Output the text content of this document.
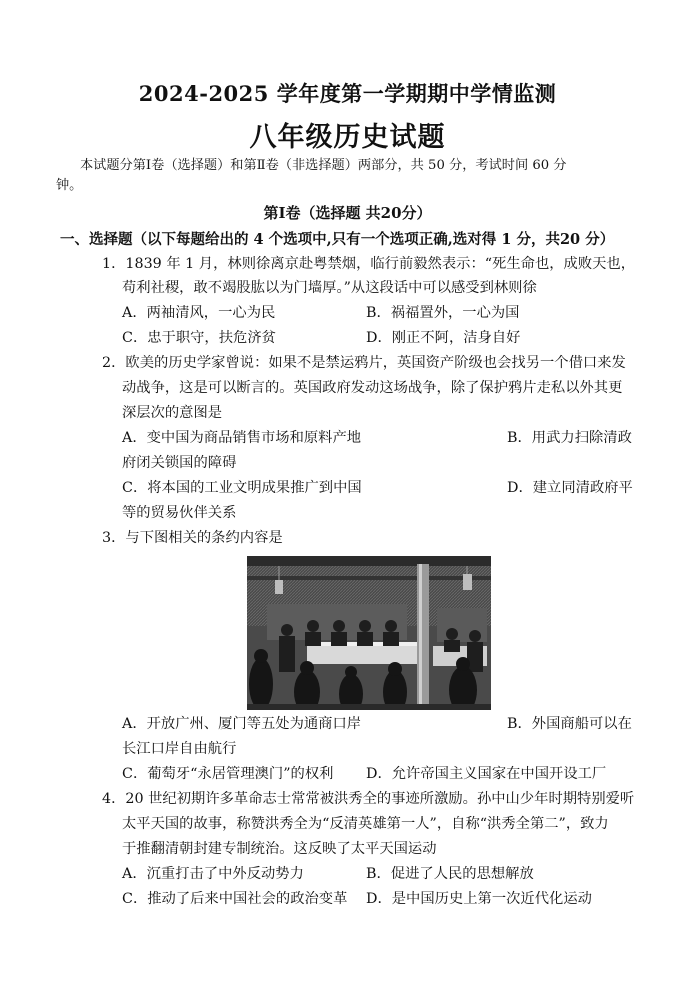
2024-2025 学年度第一学期期中学情监测
八年级历史试题
本试题分第Ⅰ卷（选择题）和第Ⅱ卷（非选择题）两部分，共 50 分，考试时间 60 分
钟。
第Ⅰ卷（选择题 共20分）
一、选择题（以下每题给出的 4 个选项中,只有一个选项正确,选对得 1 分，共20 分）
1．1839 年 1 月，林则徐离京赴粤禁烟，临行前毅然表示：“死生命也，成败天也，
苟利社稷，敢不竭股肱以为门墙厚。”从这段话中可以感受到林则徐
A．两袖清风，一心为民	B．祸福置外，一心为国
C．忠于职守，扶危济贫	D．刚正不阿，洁身自好
2．欧美的历史学家曾说：如果不是禁运鸦片，英国资产阶级也会找另一个借口来发
动战争，这是可以断言的。英国政府发动这场战争，除了保护鸦片走私以外其更
深层次的意图是
A．变中国为商品销售市场和原料产地	B．用武力扫除清政
府闭关锁国的障碍
C．将本国的工业文明成果推广到中国	D．建立同清政府平
等的贸易伙伴关系
3．与下图相关的条约内容是
A．开放广州、厦门等五处为通商口岸	B．外国商船可以在
长江口岸自由航行
C．葡萄牙“永居管理澳门”的权利 D．允许帝国主义国家在中国开设工厂
4．20 世纪初期许多革命志士常常被洪秀全的事迹所激励。孙中山少年时期特别爱听
太平天国的故事，称赞洪秀全为“反清英雄第一人”，自称“洪秀全第二”，致力
于推翻清朝封建专制统治。这反映了太平天国运动
A．沉重打击了中外反动势力	B．促进了人民的思想解放
C．推动了后来中国社会的政治变革 D．是中国历史上第一次近代化运动
